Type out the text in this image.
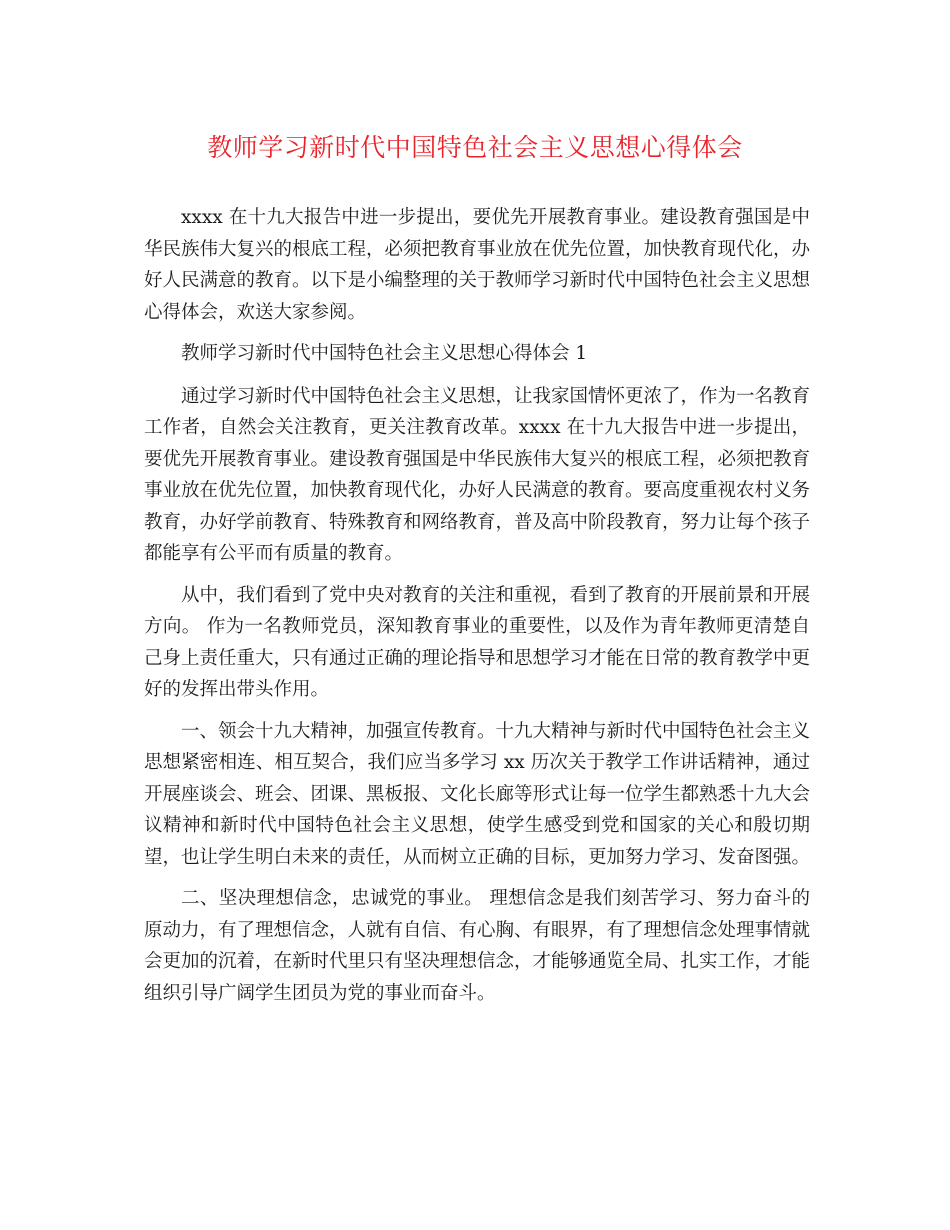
教师学习新时代中国特色社会主义思想心得体会

xxxx 在十九大报告中进一步提出，要优先开展教育事业。建设教育强国是中华民族伟大复兴的根底工程，必须把教育事业放在优先位置，加快教育现代化，办好人民满意的教育。以下是小编整理的关于教师学习新时代中国特色社会主义思想心得体会，欢送大家参阅。

教师学习新时代中国特色社会主义思想心得体会 1

通过学习新时代中国特色社会主义思想，让我家国情怀更浓了，作为一名教育工作者，自然会关注教育，更关注教育改革。xxxx 在十九大报告中进一步提出，要优先开展教育事业。建设教育强国是中华民族伟大复兴的根底工程，必须把教育事业放在优先位置，加快教育现代化，办好人民满意的教育。要高度重视农村义务教育，办好学前教育、特殊教育和网络教育，普及高中阶段教育，努力让每个孩子都能享有公平而有质量的教育。

从中，我们看到了党中央对教育的关注和重视，看到了教育的开展前景和开展方向。 作为一名教师党员，深知教育事业的重要性，以及作为青年教师更清楚自己身上责任重大，只有通过正确的理论指导和思想学习才能在日常的教育教学中更好的发挥出带头作用。

一、领会十九大精神，加强宣传教育。十九大精神与新时代中国特色社会主义思想紧密相连、相互契合，我们应当多学习 xx 历次关于教学工作讲话精神，通过开展座谈会、班会、团课、黑板报、文化长廊等形式让每一位学生都熟悉十九大会议精神和新时代中国特色社会主义思想，使学生感受到党和国家的关心和殷切期望，也让学生明白未来的责任，从而树立正确的目标，更加努力学习、发奋图强。

二、坚决理想信念，忠诚党的事业。 理想信念是我们刻苦学习、努力奋斗的原动力，有了理想信念，人就有自信、有心胸、有眼界，有了理想信念处理事情就会更加的沉着，在新时代里只有坚决理想信念，才能够通览全局、扎实工作，才能组织引导广阔学生团员为党的事业而奋斗。
